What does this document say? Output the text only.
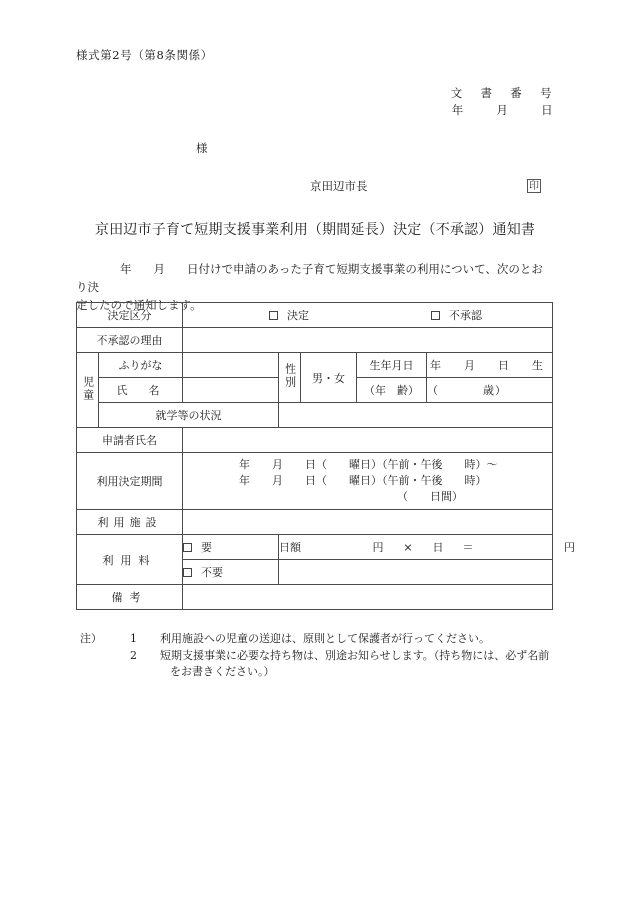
様式第2号（第8条関係）
文　書　番　号
年　　月　　日
様
京田辺市長	印
京田辺市子育て短期支援事業利用（期間延長）決定（不承認）通知書
年 月 日付けで申請のあった子育て短期支援事業の利用について、次のとおり決
定したので通知します。
決定区分		決定 不承認				

不承認の理由						
児童	ふりがな		性別	男・女	生年月日	年　月　日　生
	氏　名				（年　齢）	（ 歳）
	就学等の状況					
申請者氏名						
利用決定期間		年　　月　　日（　　曜日）（午前・午後　　時）～
年　　月　　日（　　曜日）（午前・午後　　時）
（　　日間）				

利用施設						
利用料		要	日額 円 × 日 ＝ 円			
		不要				
備考						
注）	1	利用施設への児童の送迎は、原則として保護者が行ってください。
2	短期支援事業に必要な持ち物は、別途お知らせします。（持ち物には、必ず名前
をお書きください。）
